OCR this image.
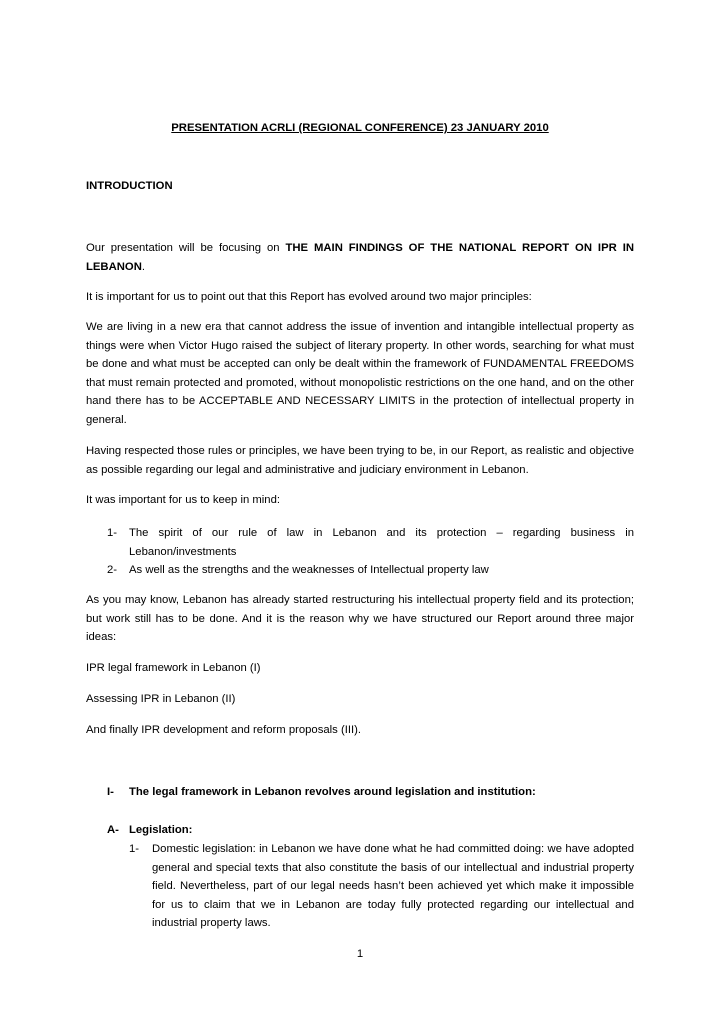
PRESENTATION ACRLI (REGIONAL CONFERENCE) 23 JANUARY 2010
INTRODUCTION
Our presentation will be focusing on THE MAIN FINDINGS OF THE NATIONAL REPORT ON IPR IN LEBANON.
It is important for us to point out that this Report has evolved around two major principles:
We are living in a new era that cannot address the issue of invention and intangible intellectual property as things were when Victor Hugo raised the subject of literary property. In other words, searching for what must be done and what must be accepted can only be dealt within the framework of FUNDAMENTAL FREEDOMS that must remain protected and promoted, without monopolistic restrictions on the one hand, and on the other hand there has to be ACCEPTABLE AND NECESSARY LIMITS in the protection of intellectual property in general.
Having respected those rules or principles, we have been trying to be, in our Report, as realistic and objective as possible regarding our legal and administrative and judiciary environment in Lebanon.
It was important for us to keep in mind:
1- The spirit of our rule of law in Lebanon and its protection – regarding business in Lebanon/investments
2- As well as the strengths and the weaknesses of Intellectual property law
As you may know, Lebanon has already started restructuring his intellectual property field and its protection; but work still has to be done. And it is the reason why we have structured our Report around three major ideas:
IPR legal framework in Lebanon (I)
Assessing IPR in Lebanon (II)
And finally IPR development and reform proposals (III).
I- The legal framework in Lebanon revolves around legislation and institution:
A- Legislation:
1- Domestic legislation: in Lebanon we have done what he had committed doing: we have adopted general and special texts that also constitute the basis of our intellectual and industrial property field. Nevertheless, part of our legal needs hasn’t been achieved yet which make it impossible for us to claim that we in Lebanon are today fully protected regarding our intellectual and industrial property laws.
1
